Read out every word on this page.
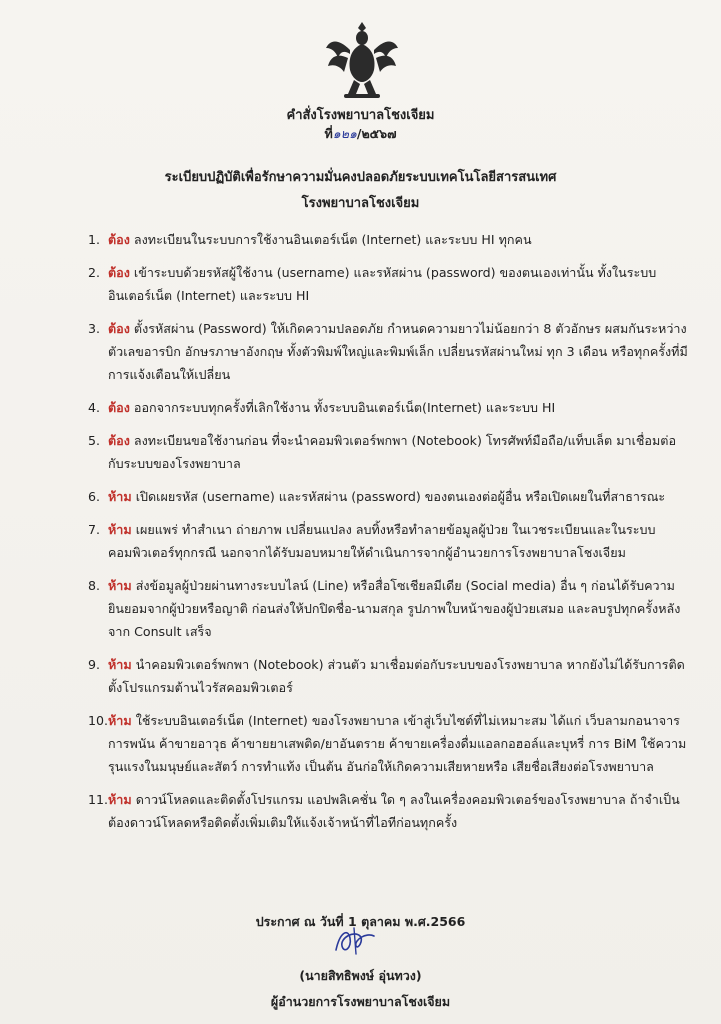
คำสั่งโรงพยาบาลโชงเจียม
ที่๑๒๑/๒๕๖๗
ระเบียบปฏิบัติเพื่อรักษาความมั่นคงปลอดภัยระบบเทคโนโลยีสารสนเทศ
โรงพยาบาลโชงเจียม
1. ต้อง ลงทะเบียนในระบบการใช้งานอินเตอร์เน็ต (Internet) และระบบ HI ทุกคน
2. ต้อง เข้าระบบด้วยรหัสผู้ใช้งาน (username) และรหัสผ่าน (password) ของตนเองเท่านั้น ทั้งในระบบอินเตอร์เน็ต (Internet) และระบบ HI
3. ต้อง ตั้งรหัสผ่าน (Password) ให้เกิดความปลอดภัย กำหนดความยาวไม่น้อยกว่า 8 ตัวอักษร ผสมกันระหว่างตัวเลขอารบิก อักษรภาษาอังกฤษ ทั้งตัวพิมพ์ใหญ่และพิมพ์เล็ก เปลี่ยนรหัสผ่านใหม่ ทุก 3 เดือน หรือทุกครั้งที่มีการแจ้งเตือนให้เปลี่ยน
4. ต้อง ออกจากระบบทุกครั้งที่เลิกใช้งาน ทั้งระบบอินเตอร์เน็ต(Internet) และระบบ HI
5. ต้อง ลงทะเบียนขอใช้งานก่อน ที่จะนำคอมพิวเตอร์พกพา (Notebook) โทรศัพท์มือถือ/แท็บเล็ต มาเชื่อมต่อกับระบบของโรงพยาบาล
6. ห้าม เปิดเผยรหัส (username) และรหัสผ่าน (password) ของตนเองต่อผู้อื่น หรือเปิดเผยในที่สาธารณะ
7. ห้าม เผยแพร่ ทำสำเนา ถ่ายภาพ เปลี่ยนแปลง ลบทิ้งหรือทำลายข้อมูลผู้ป่วย ในเวชระเบียนและในระบบคอมพิวเตอร์ทุกกรณี นอกจากได้รับมอบหมายให้ดำเนินการจากผู้อำนวยการโรงพยาบาลโชงเจียม
8. ห้าม ส่งข้อมูลผู้ป่วยผ่านทางระบบไลน์ (Line) หรือสื่อโซเชียลมีเดีย (Social media) อื่น ๆ ก่อนได้รับความยินยอมจากผู้ป่วยหรือญาติ ก่อนส่งให้ปกปิดชื่อ-นามสกุล รูปภาพใบหน้าของผู้ป่วยเสมอ และลบรูปทุกครั้งหลังจาก Consult เสร็จ
9. ห้าม นำคอมพิวเตอร์พกพา (Notebook) ส่วนตัว มาเชื่อมต่อกับระบบของโรงพยาบาล หากยังไม่ได้รับการติดตั้งโปรแกรมต้านไวรัสคอมพิวเตอร์
10. ห้าม ใช้ระบบอินเตอร์เน็ต (Internet) ของโรงพยาบาล เข้าสู่เว็บไซต์ที่ไม่เหมาะสม ได้แก่ เว็บลามกอนาจาร การพนัน ค้าขายอาวุธ ค้าขายยาเสพติด/ยาอันตราย ค้าขายเครื่องดื่มแอลกอฮอล์และบุหรี่ การ BiM ใช้ความรุนแรงในมนุษย์และสัตว์ การทำแท้ง เป็นต้น อันก่อให้เกิดความเสียหายหรือ เสียชื่อเสียงต่อโรงพยาบาล
11. ห้าม ดาวน์โหลดและติดตั้งโปรแกรม แอปพลิเคชั่น ใด ๆ ลงในเครื่องคอมพิวเตอร์ของโรงพยาบาล ถ้าจำเป็นต้องดาวน์โหลดหรือติดตั้งเพิ่มเติมให้แจ้งเจ้าหน้าที่ไอทีก่อนทุกครั้ง
ประกาศ ณ วันที่ 1 ตุลาคม พ.ศ.2566
(นายสิทธิพงษ์ อุ่นทวง)
ผู้อำนวยการโรงพยาบาลโชงเจียม
